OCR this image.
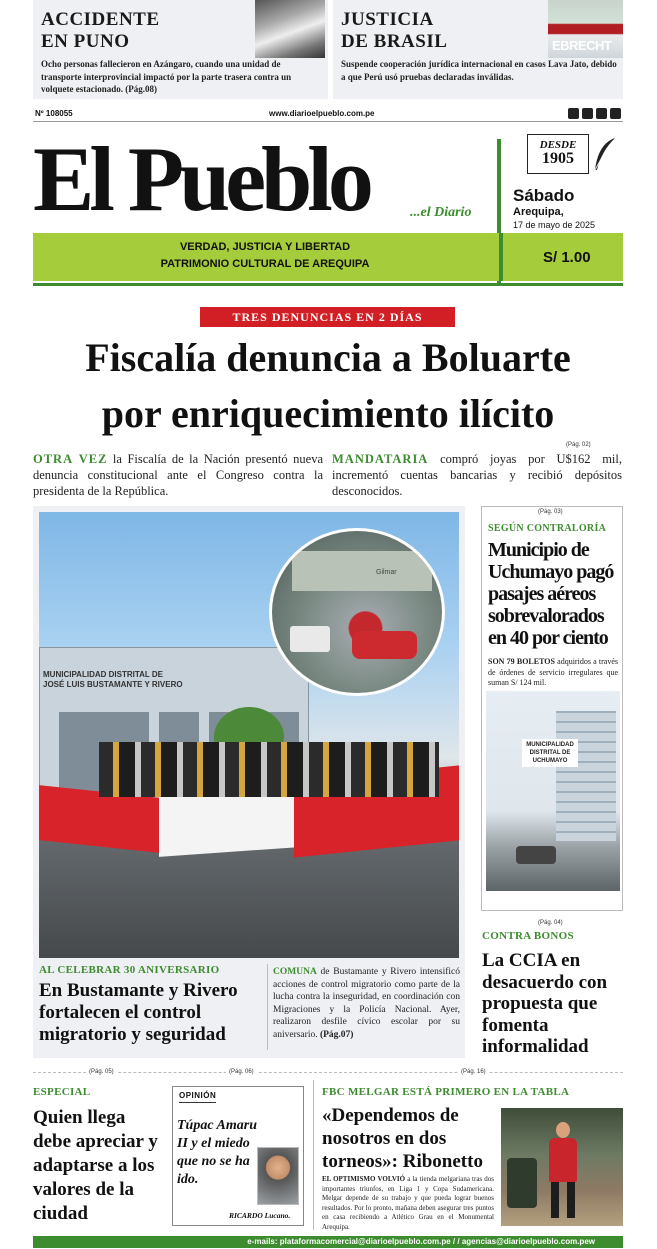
ACCIDENTE
EN PUNO

Ocho personas fallecieron en Azángaro, cuando una unidad de transporte interprovincial impactó por la parte trasera contra un volquete estacionado. (Pág.08)

JUSTICIA
DE BRASIL	EBRECHT

Suspende cooperación jurídica internacional en casos Lava Jato, debido a que Perú usó pruebas declaradas inválidas.

Nº 108055	www.diarioelpueblo.com.pe
El Pueblo	...el Diario
DESDE
1905
Sábado
Arequipa,
17 de mayo de 2025
VERDAD, JUSTICIA Y LIBERTAD
PATRIMONIO CULTURAL DE AREQUIPA	S/ 1.00
TRES DENUNCIAS EN 2 DÍAS
Fiscalía denuncia a Boluarte
por enriquecimiento ilícito
(Pág. 02)

OTRA VEZ la Fiscalía de la Nación presentó nueva denuncia constitucional ante el Congreso contra la presidenta de la República.

MANDATARIA compró joyas por U$162 mil, incrementó cuentas bancarias y recibió depósitos desconocidos.

MUNICIPALIDAD DISTRITAL DE
JOSÉ LUIS BUSTAMANTE Y RIVERO
Gilmar
AL CELEBRAR 30 ANIVERSARIO
En Bustamante y Rivero fortalecen el control migratorio y seguridad

COMUNA de Bustamante y Rivero intensificó acciones de control migratorio como parte de la lucha contra la inseguridad, en coordinación con Migraciones y la Policía Nacional. Ayer, realizaron desfile cívico escolar por su aniversario. (Pág.07)

(Pág. 03)
SEGÚN CONTRALORÍA
Municipio de Uchumayo pagó pasajes aéreos sobrevalorados en 40 por ciento

SON 79 BOLETOS adquiridos a través de órdenes de servicio irregulares que suman S/ 124 mil.

MUNICIPALIDAD DISTRITAL DE UCHUMAYO
(Pág. 04)
CONTRA BONOS
La CCIA en desacuerdo con propuesta que fomenta informalidad
(Pág. 05)	(Pág. 06)	(Pág. 16)
ESPECIAL
Quien llega debe apreciar y adaptarse a los valores de la ciudad
OPINIÓN
Túpac Amaru II y el miedo que no se ha ido.
RICARDO Lucano.
FBC MELGAR ESTÁ PRIMERO EN LA TABLA
«Dependemos de nosotros en dos torneos»: Ribonetto

EL OPTIMISMO VOLVIÓ a la tienda melgariana tras dos importantes triunfos, en Liga 1 y Copa Sudamericana. Melgar depende de su trabajo y que pueda lograr buenos resultados. Por lo pronto, mañana deben asegurar tres puntos en casa recibiendo a Atlético Grau en el Monumental Arequipa.

e-mails: plataformacomercial@diarioelpueblo.com.pe / / agencias@diarioelpueblo.com.pew
